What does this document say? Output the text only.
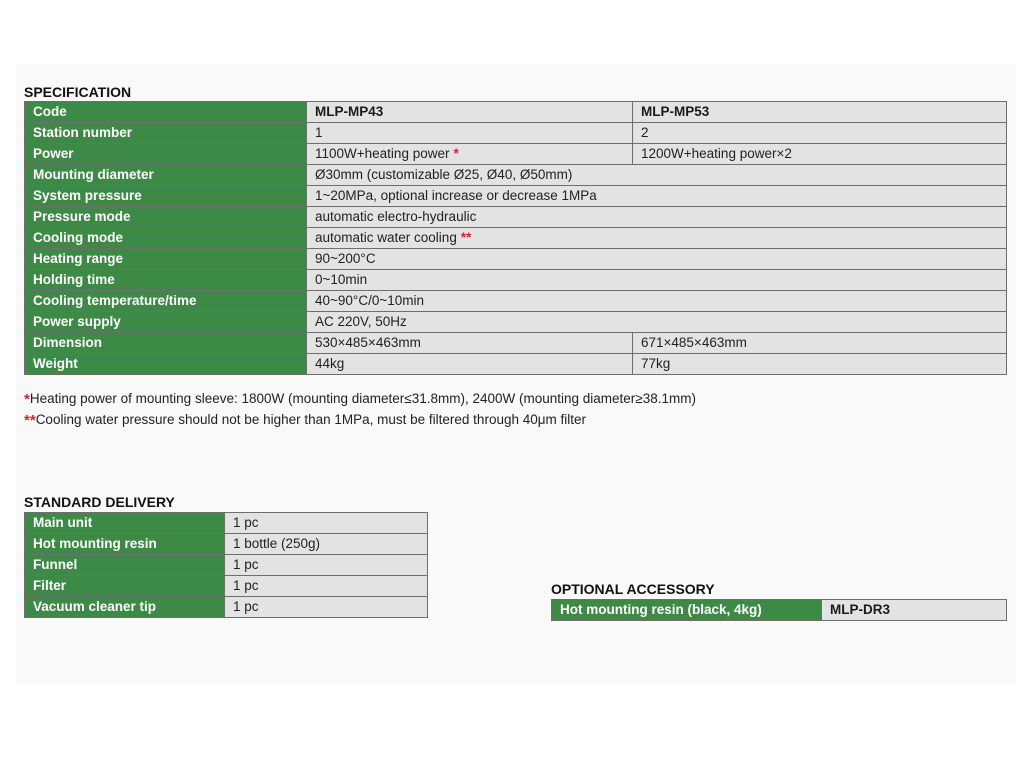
SPECIFICATION
Code	MLP-MP43	MLP-MP53
Station number	1	2
Power	1100W+heating power *	1200W+heating power×2
Mounting diameter	Ø30mm (customizable Ø25, Ø40, Ø50mm)	
System pressure	1~20MPa, optional increase or decrease 1MPa	
Pressure mode	automatic electro-hydraulic	
Cooling mode	automatic water cooling **	
Heating range	90~200°C	
Holding time	0~10min	
Cooling temperature/time	40~90°C/0~10min	
Power supply	AC 220V, 50Hz	
Dimension	530×485×463mm	671×485×463mm
Weight	44kg	77kg
*Heating power of mounting sleeve: 1800W (mounting diameter≤31.8mm), 2400W (mounting diameter≥38.1mm)
**Cooling water pressure should not be higher than 1MPa, must be filtered through 40μm filter
STANDARD DELIVERY
Main unit	1 pc
Hot mounting resin	1 bottle (250g)
Funnel	1 pc
Filter	1 pc
Vacuum cleaner tip	1 pc
OPTIONAL ACCESSORY
Hot mounting resin (black, 4kg)	MLP-DR3
